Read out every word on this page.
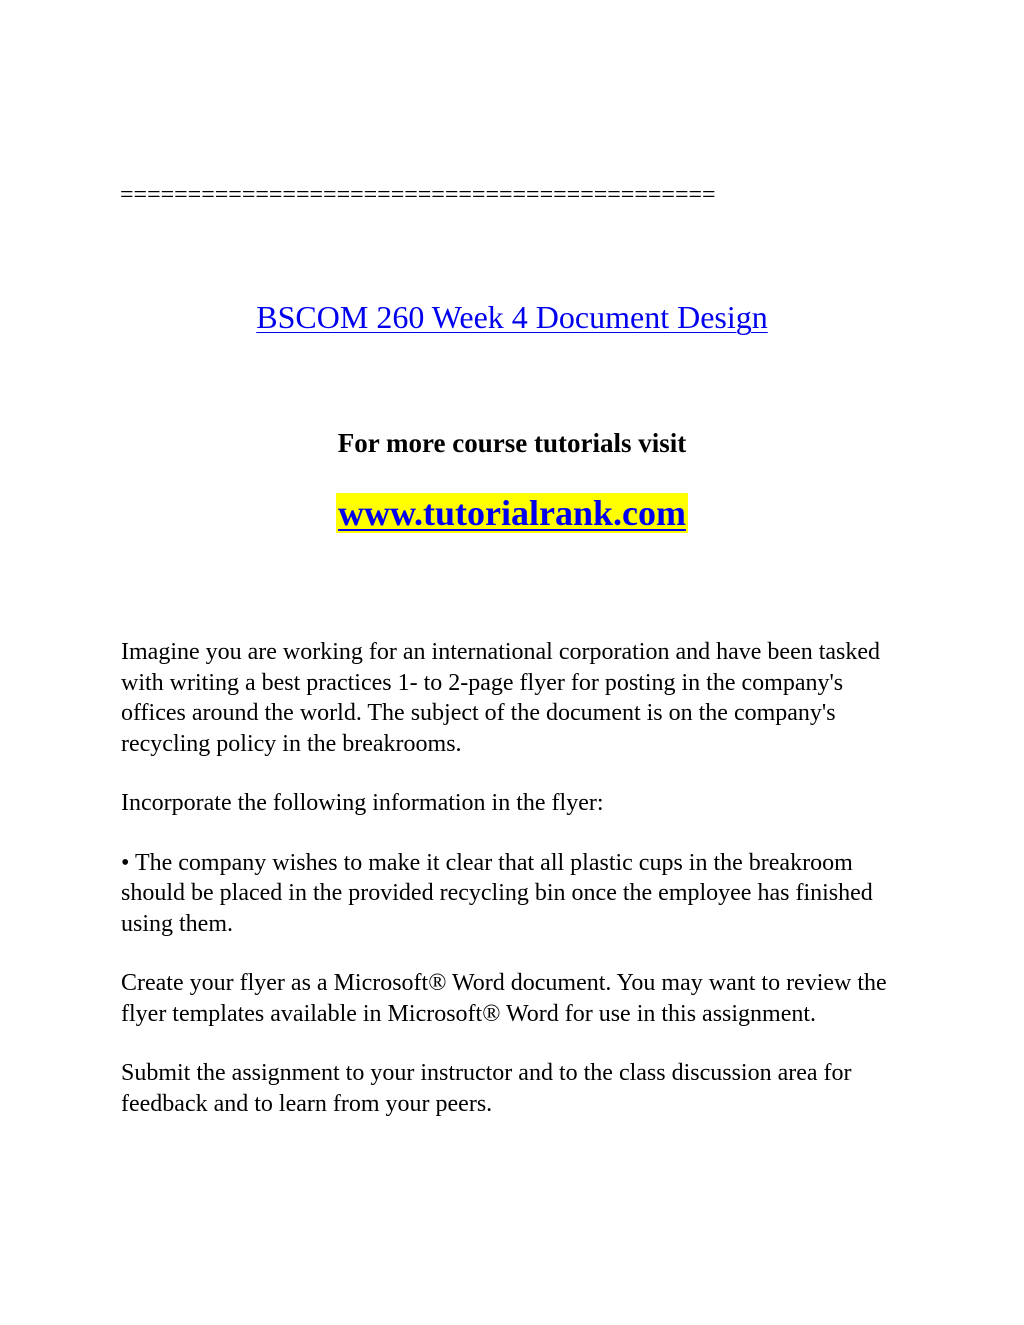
============================================
BSCOM 260 Week 4 Document Design
For more course tutorials visit
www.tutorialrank.com

Imagine you are working for an international corporation and have been tasked with writing a best practices 1- to 2-page flyer for posting in the company's offices around the world. The subject of the document is on the company's recycling policy in the breakrooms.

Incorporate the following information in the flyer:

• The company wishes to make it clear that all plastic cups in the breakroom should be placed in the provided recycling bin once the employee has finished using them.

Create your flyer as a Microsoft® Word document. You may want to review the flyer templates available in Microsoft® Word for use in this assignment.

Submit the assignment to your instructor and to the class discussion area for feedback and to learn from your peers.
